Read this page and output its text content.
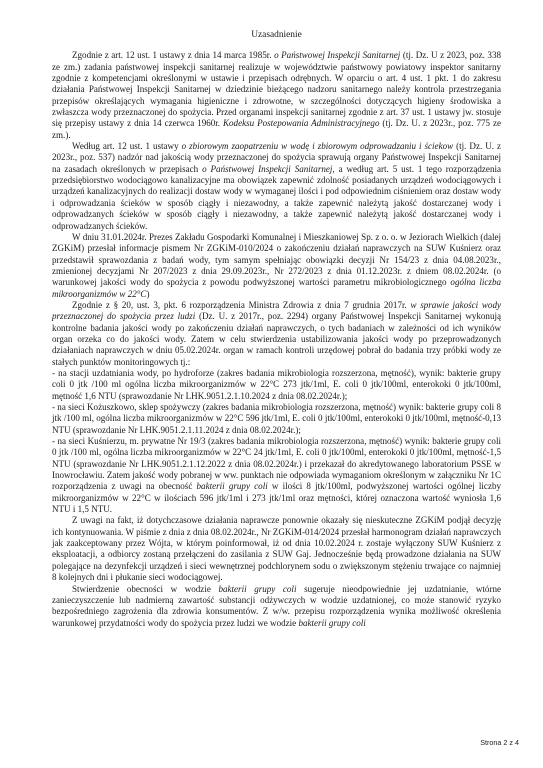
Uzasadnienie

Zgodnie z art. 12 ust. 1 ustawy z dnia 14 marca 1985r. o Państwowej Inspekcji Sanitarnej (tj. Dz. U z 2023, poz. 338 ze zm.) zadania państwowej inspekcji sanitarnej realizuje w województwie państwowy powiatowy inspektor sanitarny zgodnie z kompetencjami określonymi w ustawie i przepisach odrębnych. W oparciu o art. 4 ust. 1 pkt. 1 do zakresu działania Państwowej Inspekcji Sanitarnej w dziedzinie bieżącego nadzoru sanitarnego należy kontrola przestrzegania przepisów określających wymagania higieniczne i zdrowotne, w szczególności dotyczących higieny środowiska a zwłaszcza wody przeznaczonej do spożycia. Przed organami inspekcji sanitarnej zgodnie z art. 37 ust. 1 ustawy jw. stosuje się przepisy ustawy z dnia 14 czerwca 1960r. Kodeksu Postepowania Administracyjnego (tj. Dz. U. z 2023r., poz. 775 ze zm.).

Według art. 12 ust. 1 ustawy o zbiorowym zaopatrzeniu w wodę i zbiorowym odprowadzaniu i ściekow (tj. Dz. U. z 2023r., poz. 537) nadzór nad jakością wody przeznaczonej do spożycia sprawują organy Państwowej Inspekcji Sanitarnej na zasadach określonych w przepisach o Państwowej Inspekcji Sanitarnej, a według art. 5 ust. 1 tego rozporządzenia przedsiębiorstwo wodociągowo kanalizacyjne ma obowiązek zapewnić zdolność posiadanych urządzeń wodociągowych i urządzeń kanalizacyjnych do realizacji dostaw wody w wymaganej ilości i pod odpowiednim ciśnieniem oraz dostaw wody i odprowadzania ścieków w sposób ciągły i niezawodny, a także zapewnić należytą jakość dostarczanej wody i odprowadzanych ścieków w sposób ciągły i niezawodny, a także zapewnić należytą jakość dostarczanej wody i odprowadzanych ścieków.

W dniu 31.01.2024r. Prezes Zakładu Gospodarki Komunalnej i Mieszkaniowej Sp. z o. o. w Jeziorach Wielkich (dalej ZGKiM) przesłał informacje pismem Nr ZGKiM-010/2024 o zakończeniu działań naprawczych na SUW Kuśnierz oraz przedstawił sprawozdania z badań wody, tym samym spełniając obowiązki decyzji Nr 154/23 z dnia 04.08.2023r., zmienionej decyzjami Nr 207/2023 z dnia 29.09.2023r., Nr 272/2023 z dnia 01.12.2023r. z dniem 08.02.2024r. (o warunkowej jakości wody do spożycia z powodu podwyższonej wartości parametru mikrobiologicznego ogólna liczba mikroorganizmów w 22°C)

Zgodnie z § 20, ust. 3, pkt. 6 rozporządzenia Ministra Zdrowia z dnia 7 grudnia 2017r. w sprawie jakości wody przeznaczonej do spożycia przez ludzi (Dz. U. z 2017r., poz. 2294) organy Państwowej Inspekcji Sanitarnej wykonują kontrolne badania jakości wody po zakończeniu działań naprawczych, o tych badaniach w zależności od ich wyników organ orzeka co do jakości wody. Zatem w celu stwierdzenia ustabilizowania jakości wody po przeprowadzonych działaniach naprawczych w dniu 05.02.2024r. organ w ramach kontroli urzędowej pobrał do badania trzy próbki wody ze stałych punktów monitoringowych tj.:

- na stacji uzdatniania wody, po hydroforze (zakres badania mikrobiologia rozszerzona, mętność), wynik: bakterie grupy coli 0 jtk /100 ml ogólna liczba mikroorganizmów w 22°C 273 jtk/1ml, E. coli 0 jtk/100ml, enterokoki 0 jtk/100ml, mętność 1,6 NTU (sprawozdanie Nr LHK.9051.2.1.10.2024 z dnia 08.02.2024r.);

- na sieci Kożuszkowo, sklep spożywczy (zakres badania mikrobiologia rozszerzona, mętność) wynik: bakterie grupy coli 8 jtk /100 ml, ogólna liczba mikroorganizmów w 22°C 596 jtk/1ml, E. coli 0 jtk/100ml, enterokoki 0 jtk/100ml, mętność-0,13 NTU (sprawozdanie Nr LHK.9051.2.1.11.2024 z dnia 08.02.2024r.);

- na sieci Kuśnierzu, m. prywatne Nr 19/3 (zakres badania mikrobiologia rozszerzona, mętność) wynik: bakterie grupy coli 0 jtk /100 ml, ogólna liczba mikroorganizmów w 22°C 24 jtk/1ml, E. coli 0 jtk/100ml, enterokoki 0 jtk/100ml, mętność-1,5 NTU (sprawozdanie Nr LHK.9051.2.1.12.2022 z dnia 08.02.2024r.) i przekazał do akredytowanego laboratorium PSSE w Inowrocławiu. Zatem jakość wody pobranej w ww. punktach nie odpowiada wymaganiom określonym w załączniku Nr 1C rozporządzenia z uwagi na obecność bakterii grupy coli w ilości 8 jtk/100ml, podwyższonej wartości ogólnej liczby mikroorganizmów w 22°C w ilościach 596 jtk/1ml i 273 jtk/1ml oraz mętności, której oznaczona wartość wyniosła 1,6 NTU i 1,5 NTU.

Z uwagi na fakt, iż dotychczasowe działania naprawcze ponownie okazały się nieskuteczne ZGKiM podjął decyzję ich kontynuowania. W piśmie z dnia z dnia 08.02.2024r., Nr ZGKiM-014/2024 przesłał harmonogram działań naprawczych jak zaakceptowany przez Wójta, w którym poinformował, iż od dnia 10.02.2024 r. zostaje wyłączony SUW Kuśnierz z eksploatacji, a odbiorcy zostaną przełączeni do zasilania z SUW Gaj. Jednocześnie będą prowadzone działania na SUW polegające na dezynfekcji urządzeń i sieci wewnętrznej podchlorynem sodu o zwiększonym stężeniu trwające co najmniej 8 kolejnych dni i płukanie sieci wodociągowej.

Stwierdzenie obecności w wodzie bakterii grupy coli sugeruje nieodpowiednie jej uzdatnianie, wtórne zanieczyszczenie lub nadmierną zawartość substancji odżywczych w wodzie uzdatnionej, co może stanowić ryzyko bezpośredniego zagrożenia dla zdrowia konsumentów. Z w/w. przepisu rozporządzenia wynika możliwość określenia warunkowej przydatności wody do spożycia przez ludzi we wodzie bakterii grupy coli

Strona 2 z 4
